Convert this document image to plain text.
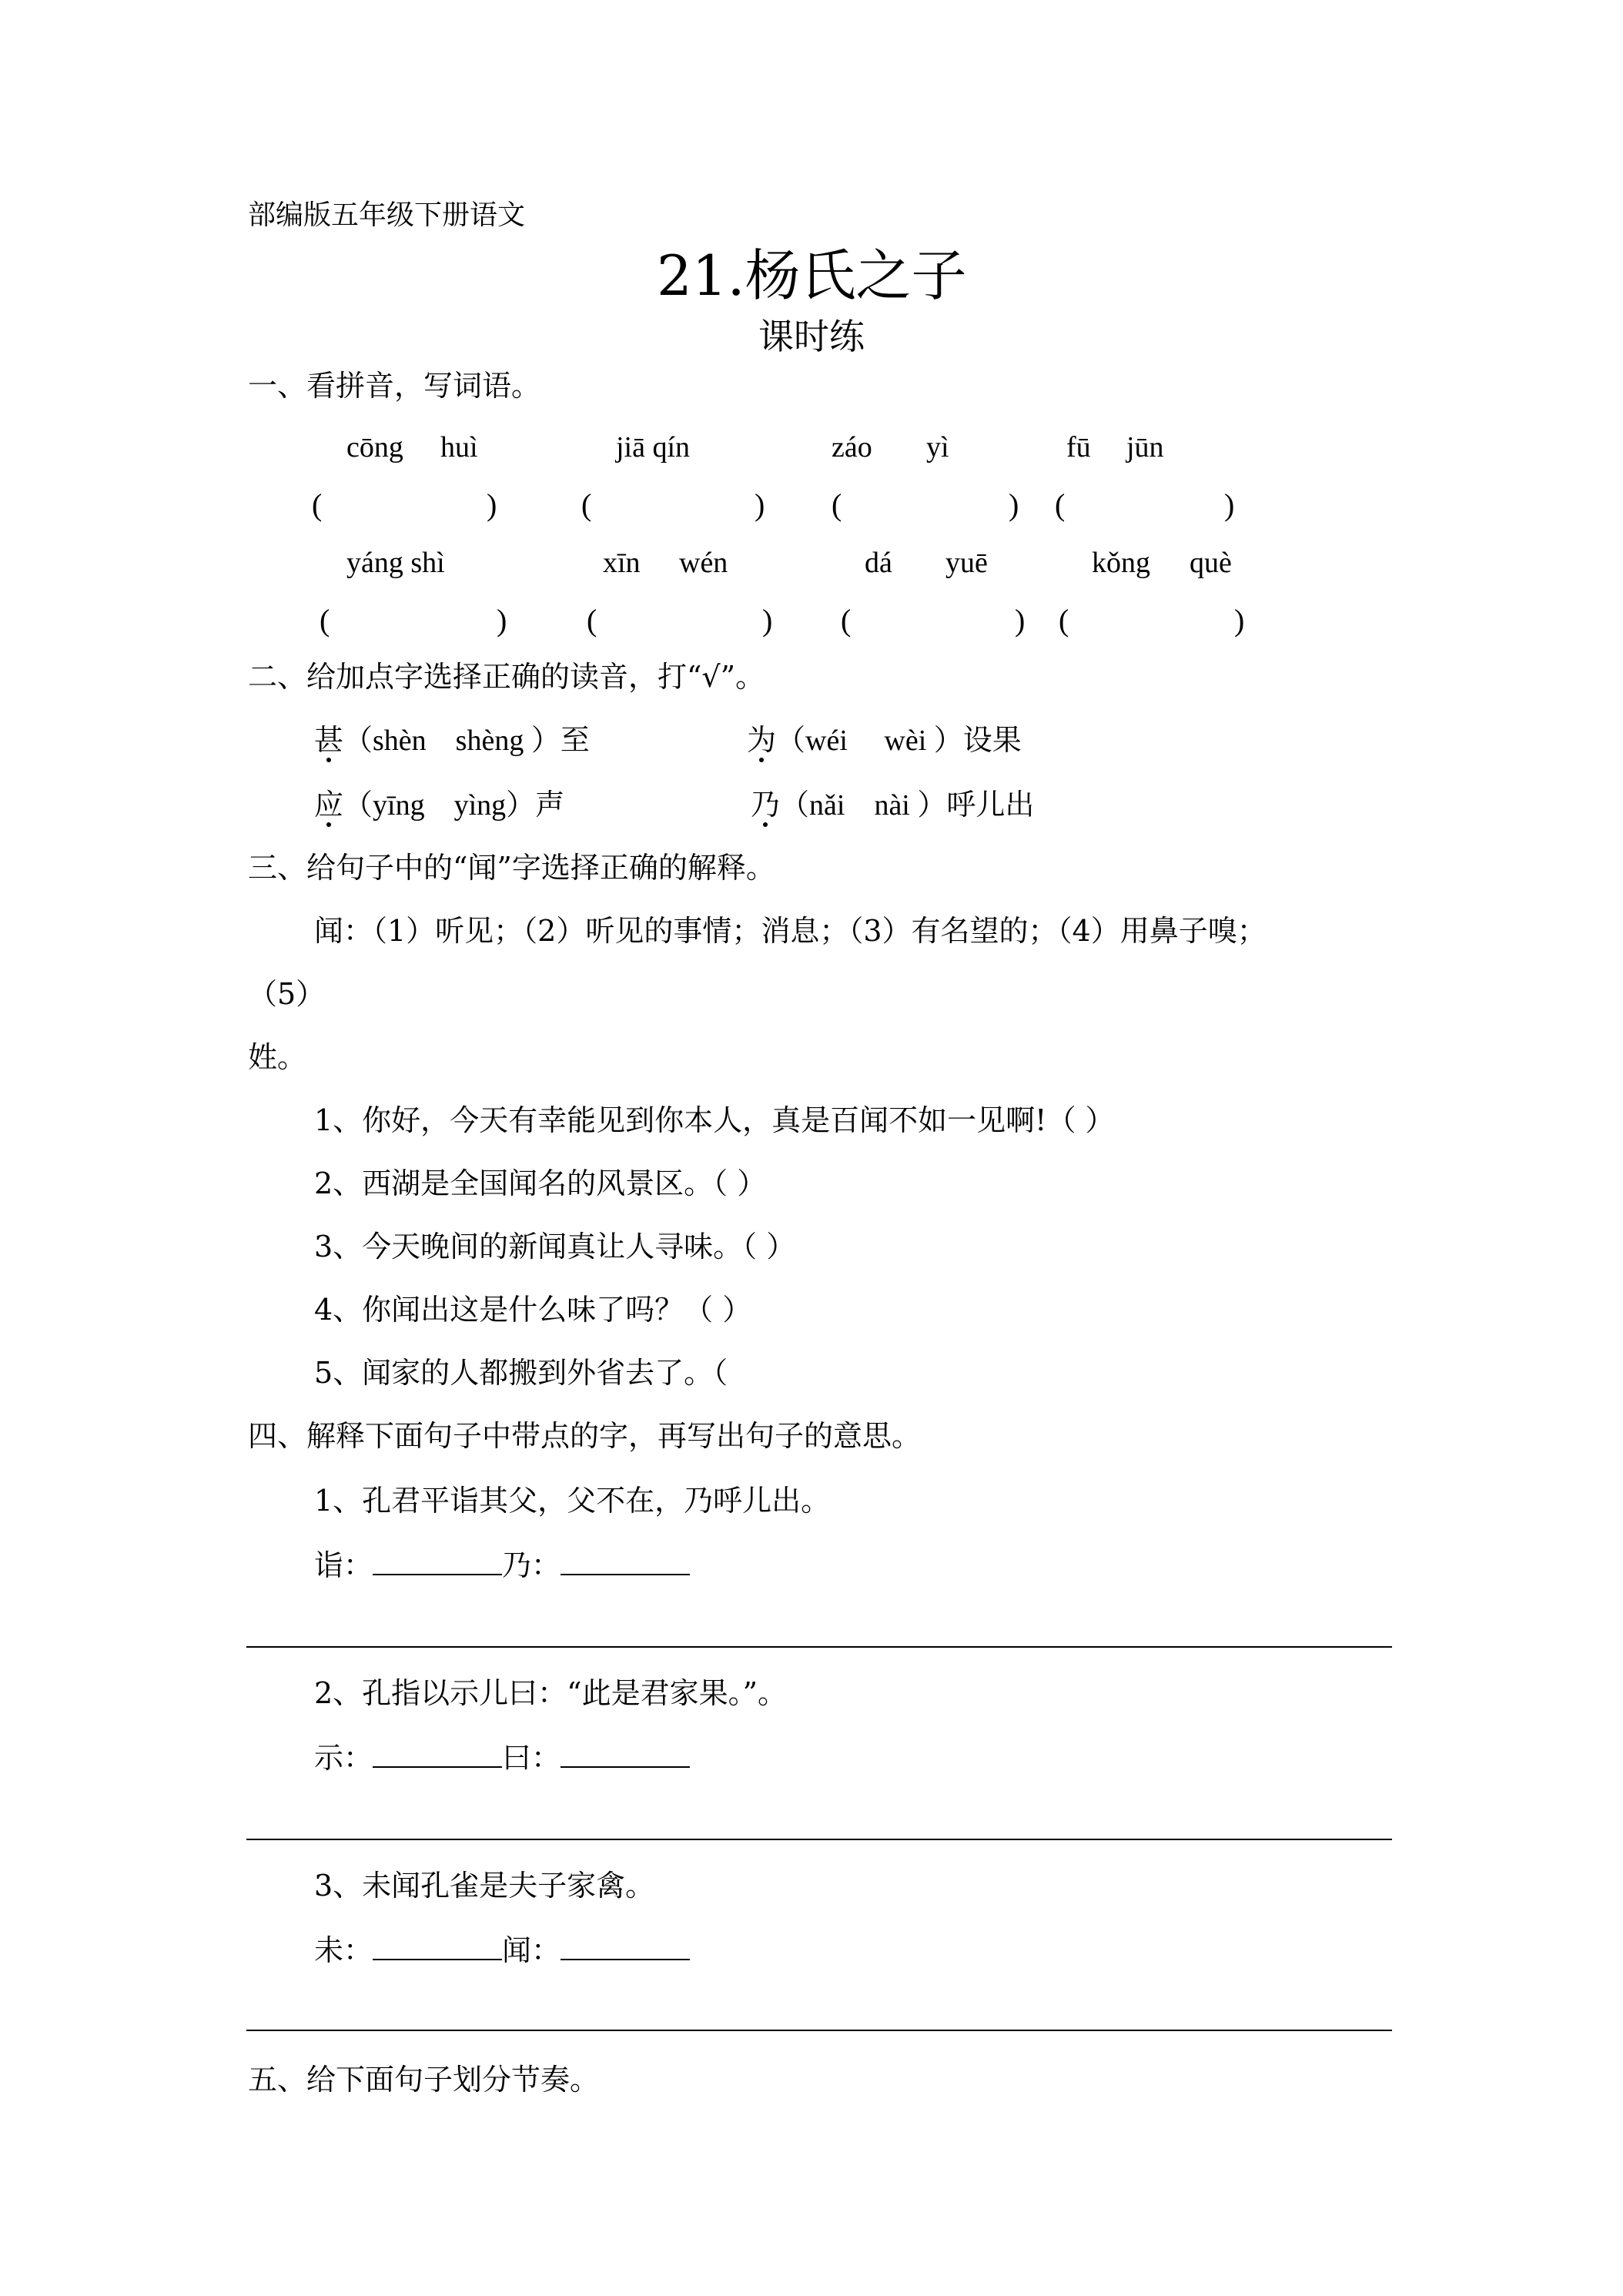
部编版五年级下册语文
21.杨氏之子
课时练
一、看拼音，写词语。
cōng huì	jiā qín	záo yì	fū jūn
(	)	(	) (	) (	)
yáng shì	xīn wén	dá yuē	kǒng què
(	)	(	) (	) (	)
二、给加点字选择正确的读音，打“√”。
甚（shèn　shèng ）至	为（wéi　 wèi ）设果
应（yīng　yìng）声	乃（nǎi　nài ）呼儿出
三、给句子中的“闻”字选择正确的解释。
闻：（1）听见；（2）听见的事情；消息；（3）有名望的；（4）用鼻子嗅；
（5）
姓。
1、你好，今天有幸能见到你本人，真是百闻不如一见啊!（ ）
2、西湖是全国闻名的风景区。（ ）
3、今天晚间的新闻真让人寻味。（ ）
4、你闻出这是什么味了吗？（ ）
5、闻家的人都搬到外省去了。（
四、解释下面句子中带点的字，再写出句子的意思。
1、孔君平诣其父，父不在，乃呼儿出。
诣：	乃：
2、孔指以示儿曰：“此是君家果。”。
示：	曰：
3、未闻孔雀是夫子家禽。
未：	闻：
五、给下面句子划分节奏。
